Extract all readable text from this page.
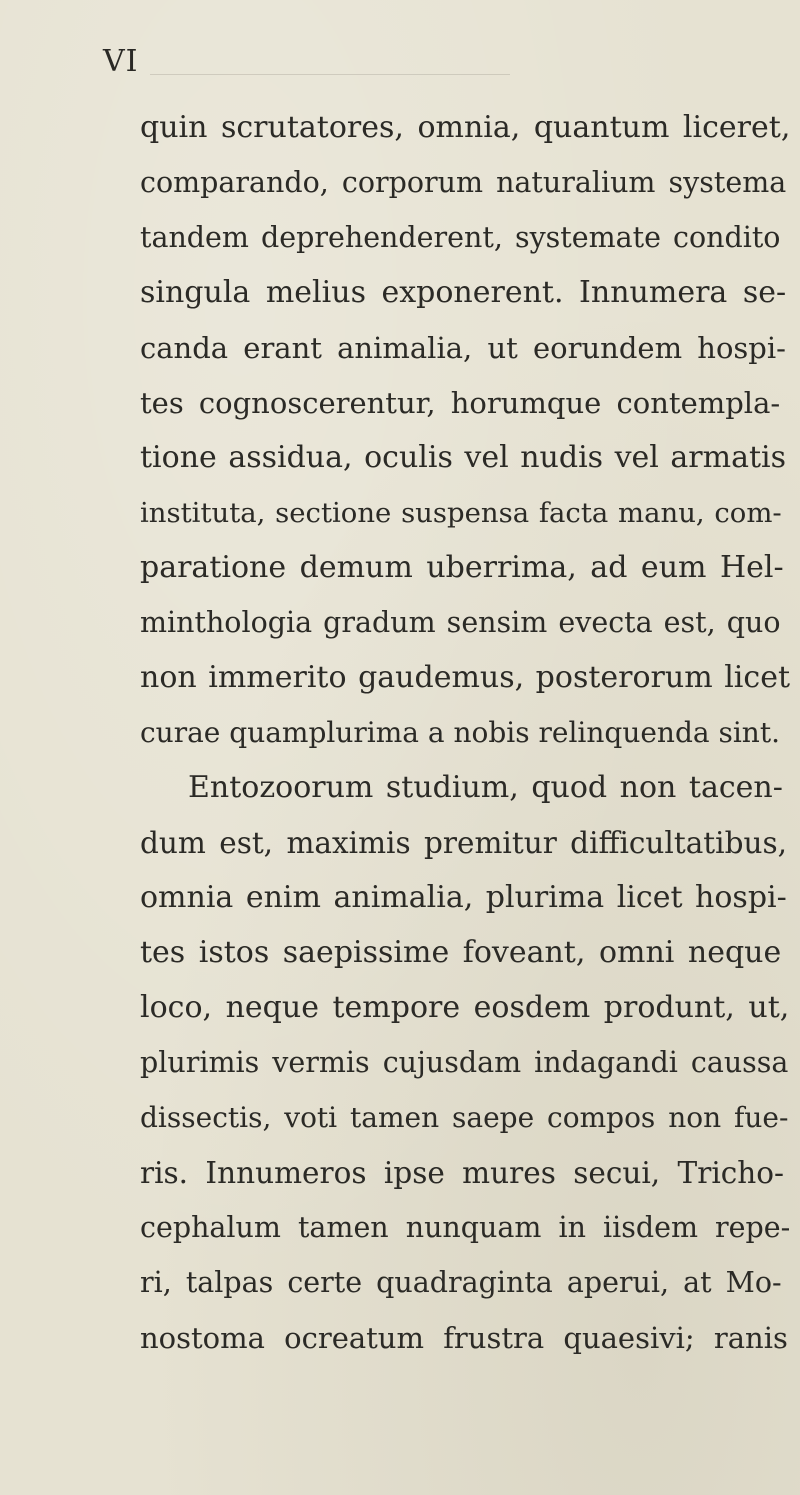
VI
quin scrutatores, omnia, quantum liceret,
comparando, corporum naturalium systema
tandem deprehenderent, systemate condito
singula melius exponerent. Innumera se-
canda erant animalia, ut eorundem hospi-
tes cognoscerentur, horumque contempla-
tione assidua, oculis vel nudis vel armatis
instituta, sectione suspensa facta manu, com-
paratione demum uberrima, ad eum Hel-
minthologia gradum sensim evecta est, quo
non immerito gaudemus, posterorum licet
curae quamplurima a nobis relinquenda sint.
Entozoorum studium, quod non tacen-
dum est, maximis premitur difficultatibus,
omnia enim animalia, plurima licet hospi-
tes istos saepissime foveant, omni neque
loco, neque tempore eosdem produnt, ut,
plurimis vermis cujusdam indagandi caussa
dissectis, voti tamen saepe compos non fue-
ris. Innumeros ipse mures secui, Tricho-
cephalum tamen nunquam in iisdem repe-
ri, talpas certe quadraginta aperui, at Mo-
nostoma ocreatum frustra quaesivi; ranis
